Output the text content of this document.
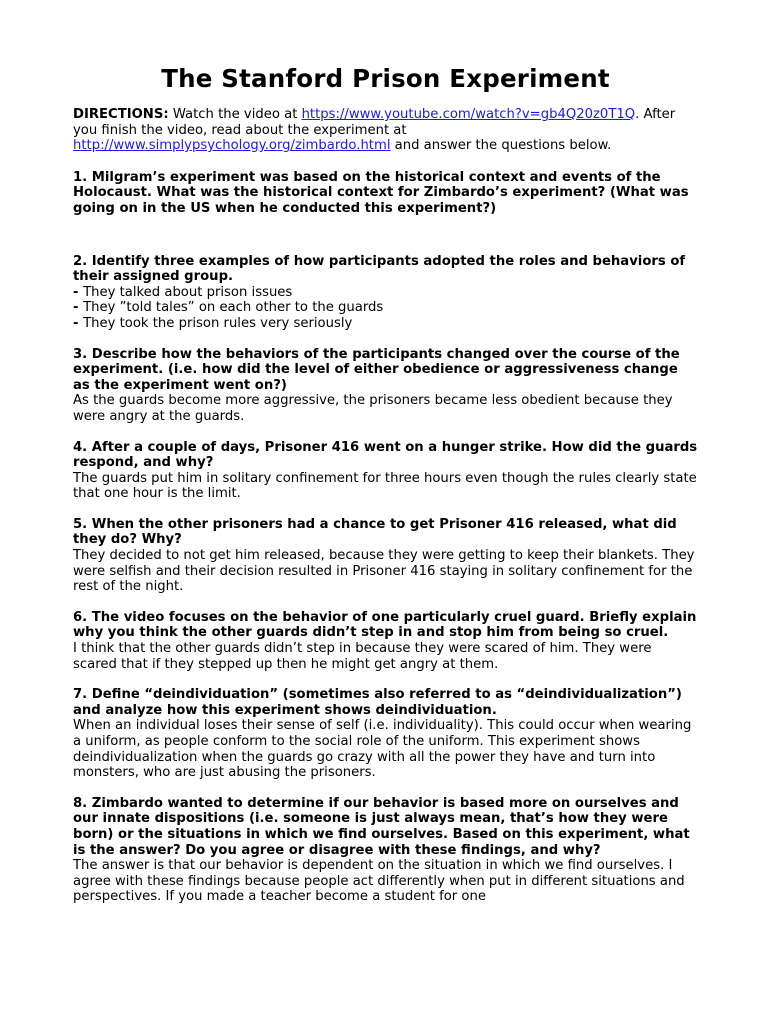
The Stanford Prison Experiment

DIRECTIONS: Watch the video at https://www.youtube.com/watch?v=gb4Q20z0T1Q. After you finish the video, read about the experiment at http://www.simplypsychology.org/zimbardo.html and answer the questions below.

1. Milgram’s experiment was based on the historical context and events of the Holocaust. What was the historical context for Zimbardo’s experiment? (What was going on in the US when he conducted this experiment?)

2. Identify three examples of how participants adopted the roles and behaviors of their assigned group.

- They talked about prison issues

- They ”told tales” on each other to the guards

- They took the prison rules very seriously

3. Describe how the behaviors of the participants changed over the course of the experiment. (i.e. how did the level of either obedience or aggressiveness change as the experiment went on?)

As the guards become more aggressive, the prisoners became less obedient because they were angry at the guards.

4. After a couple of days, Prisoner 416 went on a hunger strike. How did the guards respond, and why?

The guards put him in solitary confinement for three hours even though the rules clearly state that one hour is the limit.

5. When the other prisoners had a chance to get Prisoner 416 released, what did they do? Why?

They decided to not get him released, because they were getting to keep their blankets. They were selfish and their decision resulted in Prisoner 416 staying in solitary confinement for the rest of the night.

6. The video focuses on the behavior of one particularly cruel guard. Briefly explain why you think the other guards didn’t step in and stop him from being so cruel.

I think that the other guards didn’t step in because they were scared of him. They were scared that if they stepped up then he might get angry at them.

7. Define “deindividuation” (sometimes also referred to as “deindividualization”) and analyze how this experiment shows deindividuation.

When an individual loses their sense of self (i.e. individuality). This could occur when wearing a uniform, as people conform to the social role of the uniform. This experiment shows deindividualization when the guards go crazy with all the power they have and turn into monsters, who are just abusing the prisoners.

8. Zimbardo wanted to determine if our behavior is based more on ourselves and our innate dispositions (i.e. someone is just always mean, that’s how they were born) or the situations in which we find ourselves. Based on this experiment, what is the answer? Do you agree or disagree with these findings, and why?

The answer is that our behavior is dependent on the situation in which we find ourselves. I agree with these findings because people act differently when put in different situations and perspectives. If you made a teacher become a student for one
